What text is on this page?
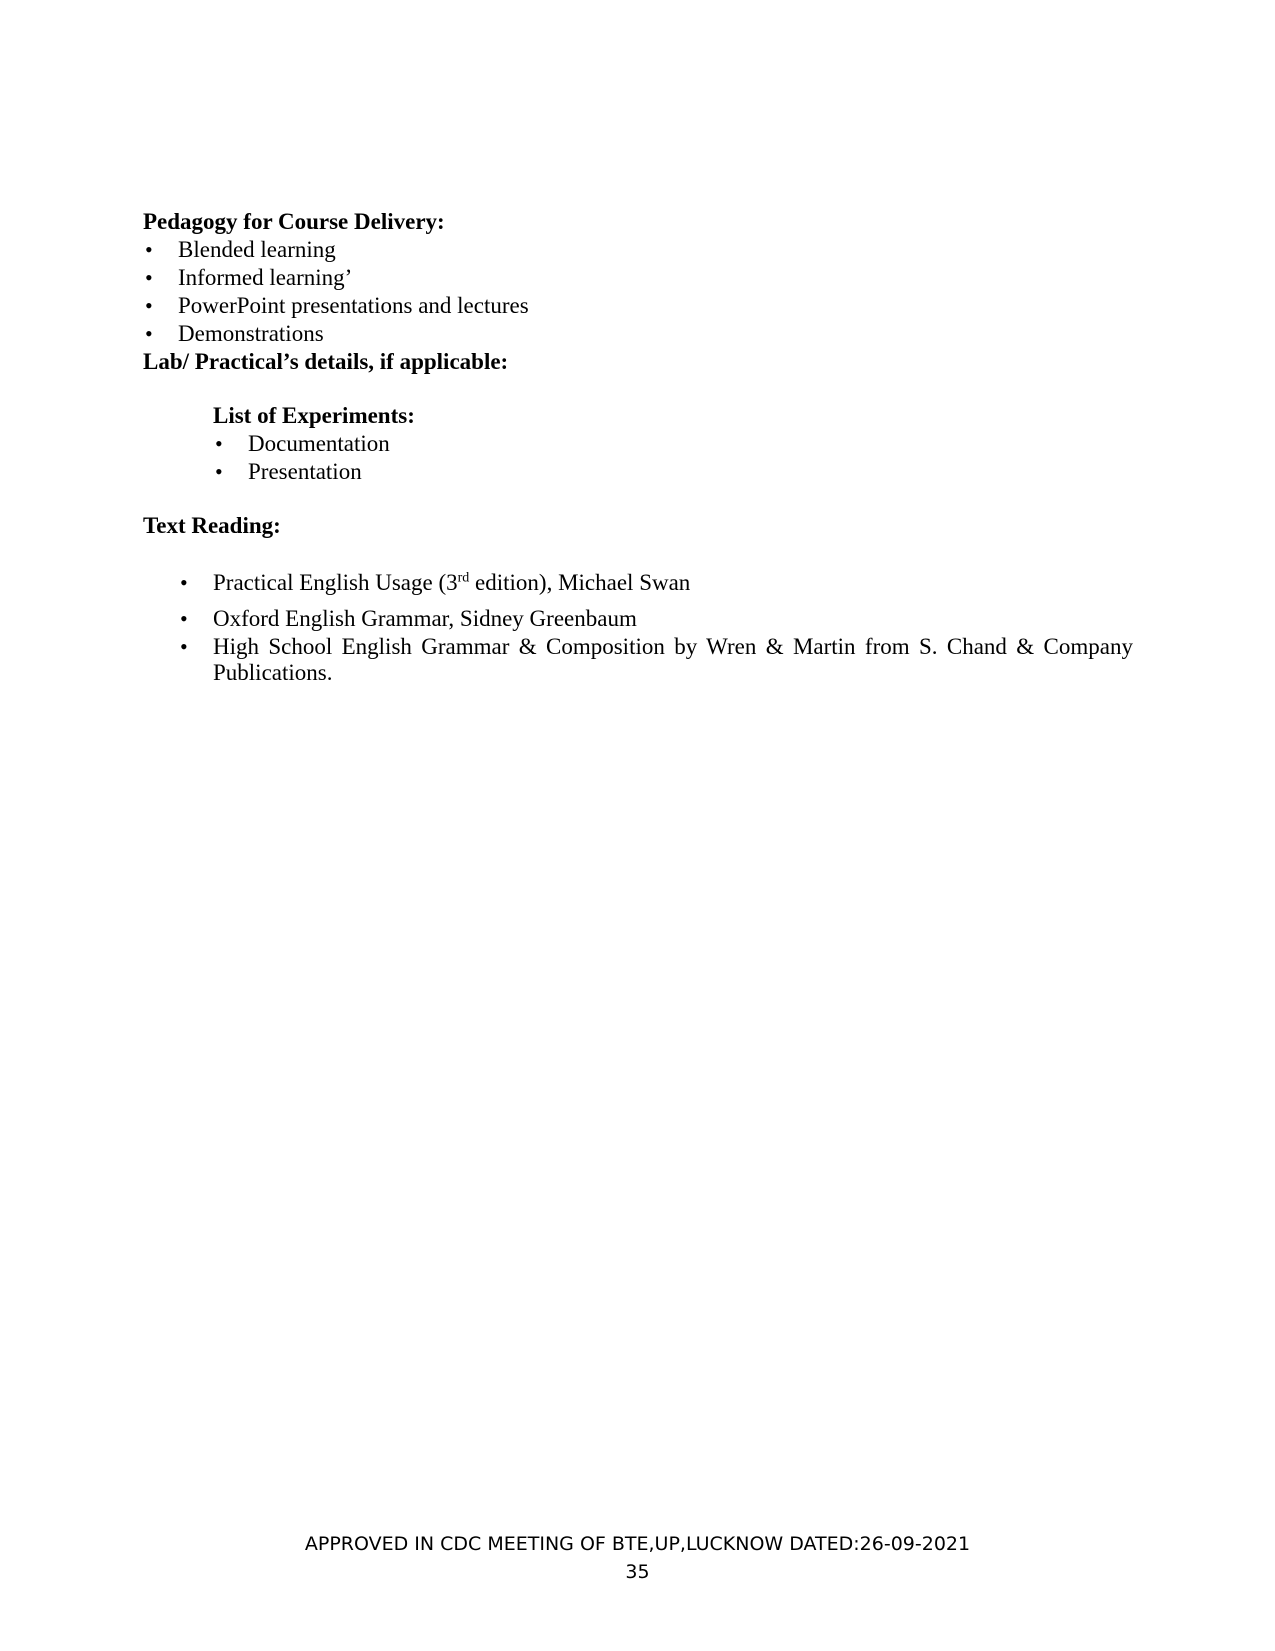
Pedagogy for Course Delivery:
• Blended learning
• Informed learning’
• PowerPoint presentations and lectures
• Demonstrations
Lab/ Practical’s details, if applicable:
List of Experiments:
• Documentation
• Presentation
Text Reading:
• Practical English Usage (3rd edition), Michael Swan
• Oxford English Grammar, Sidney Greenbaum
• High School English Grammar & Composition by Wren & Martin from S. Chand & Company Publications.
APPROVED IN CDC MEETING OF BTE,UP,LUCKNOW DATED:26-09-2021
35
